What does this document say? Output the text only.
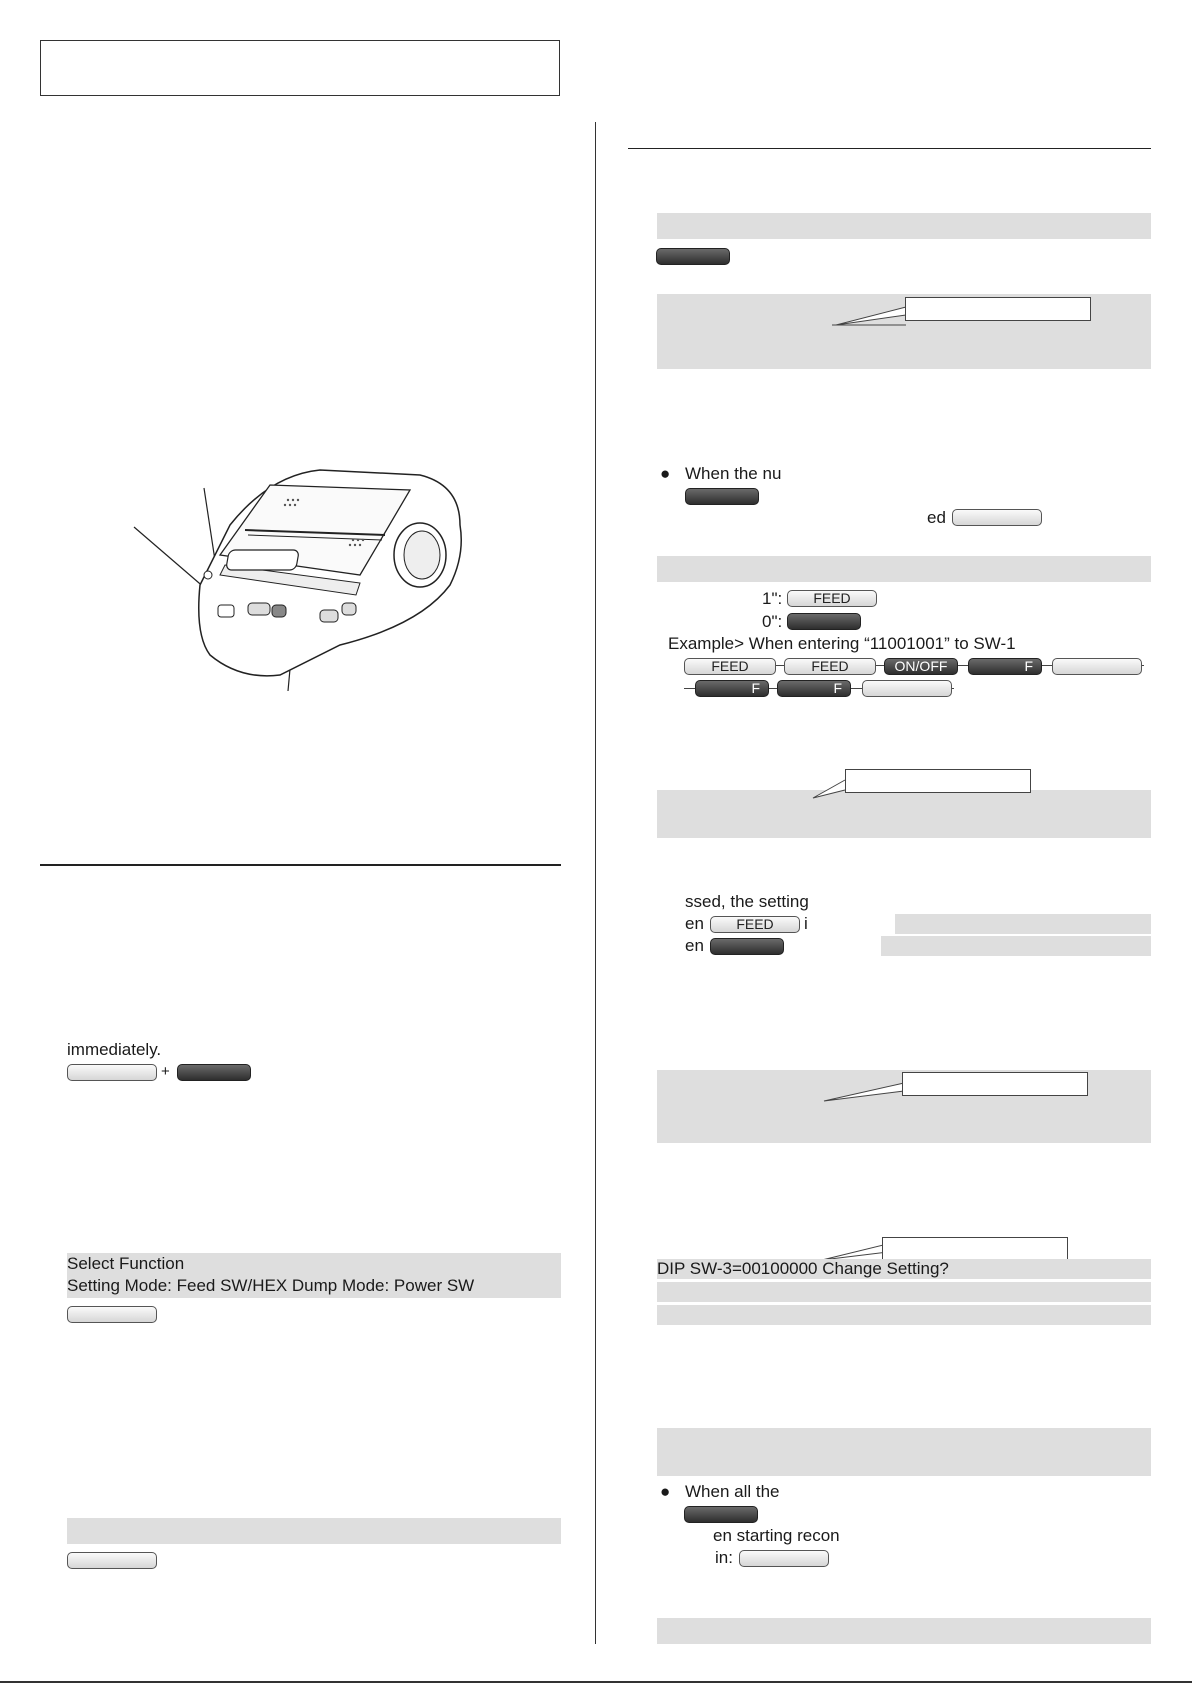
immediately.
+
Select Function
Setting Mode: Feed SW/HEX Dump Mode: Power SW
● When the nu
ed
1":	FEED
0":
Example> When entering “11001001” to SW-1
FEED	FEED	ON/OFF	F
F	F
ssed, the setting
en	FEED	i
en
DIP SW-3=00100000 Change Setting?
● When all the
en starting recon
in:
